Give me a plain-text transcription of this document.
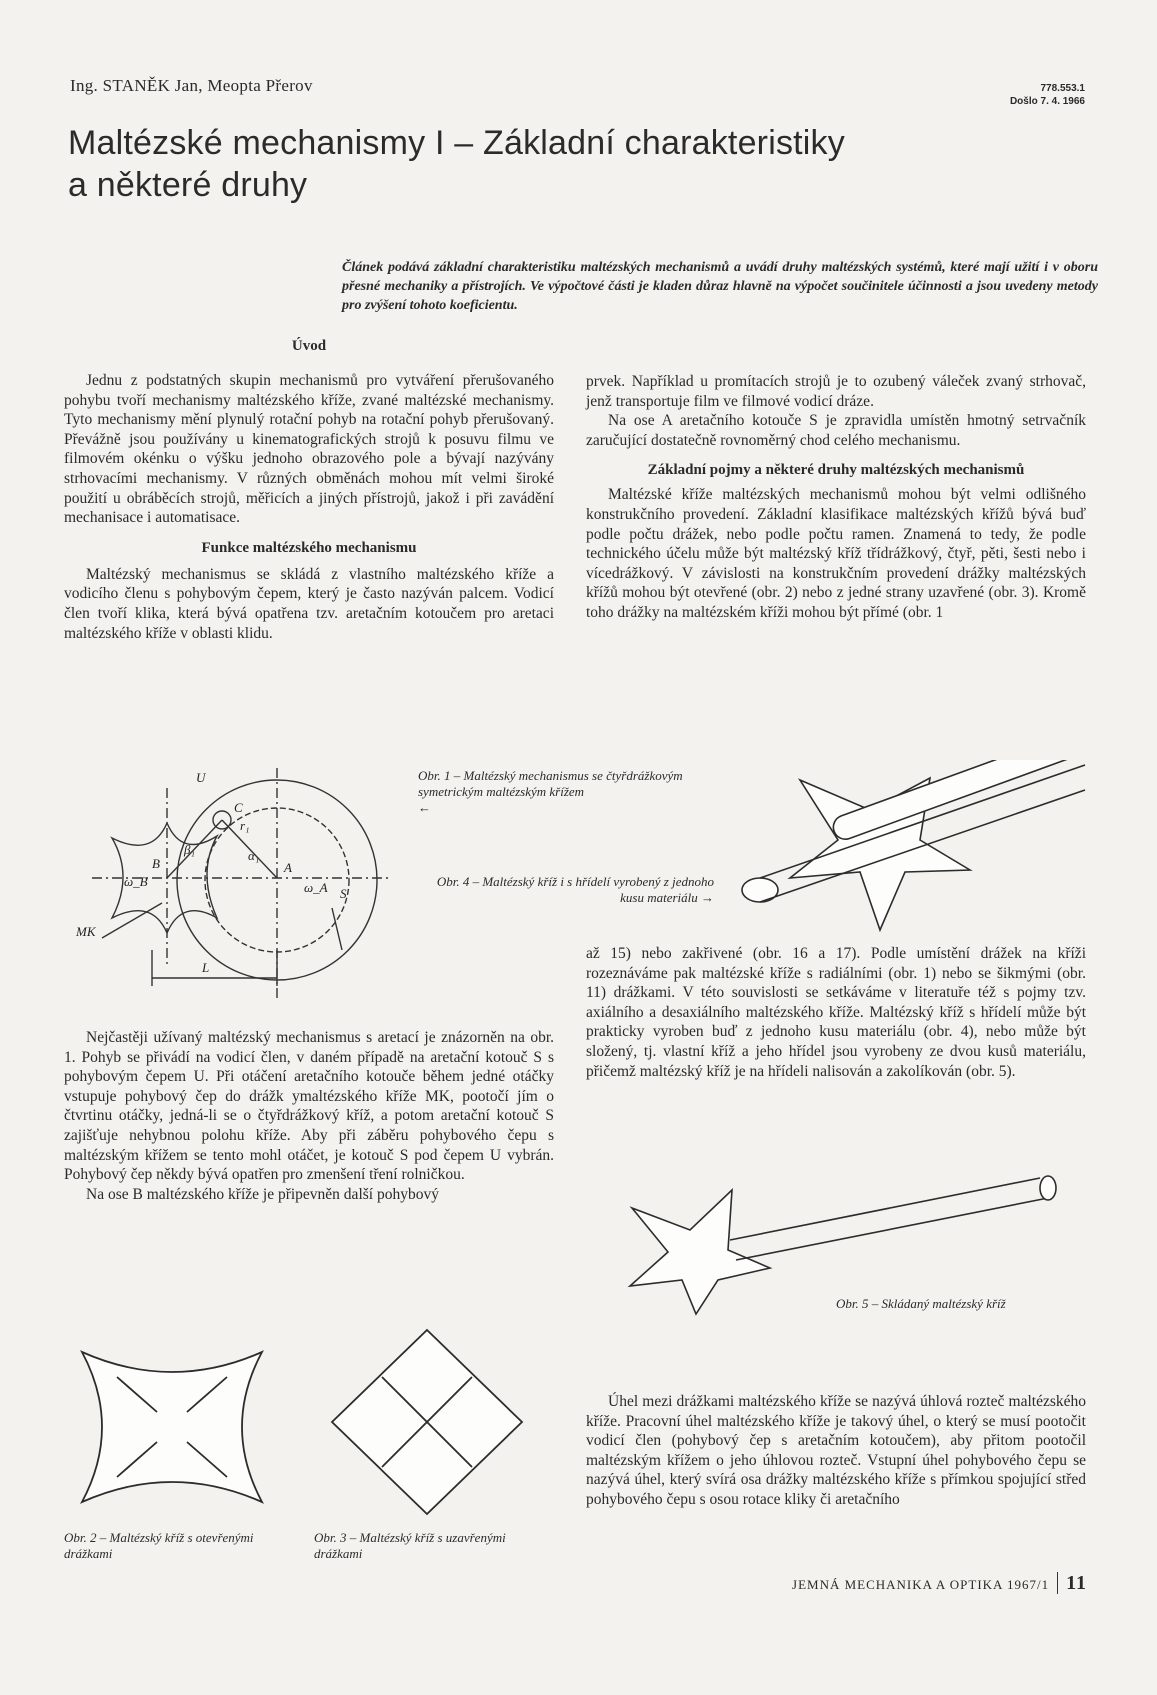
Ing. STANĚK Jan, Meopta Přerov	778.553.1
Došlo 7. 4. 1966
Maltézské mechanismy I – Základní charakteristiky
a některé druhy
Článek podává základní charakteristiku maltézských mechanismů a uvádí druhy maltézských systémů, které mají užití i v oboru přesné mechaniky a přístrojích. Ve výpočtové části je kladen důraz hlavně na výpočet součinitele účinnosti a jsou uvedeny metody pro zvýšení tohoto koeficientu.
Úvod

Jednu z podstatných skupin mechanismů pro vytváření přerušovaného pohybu tvoří mechanismy maltézského kříže, zvané maltézské mechanismy. Tyto mechanismy mění plynulý rotační pohyb na rotační pohyb přerušovaný. Převážně jsou používány u kinematografických strojů k posuvu filmu ve filmovém okénku o výšku jednoho obrazového pole a bývají nazývány strhovacími mechanismy. V různých obměnách mohou mít velmi široké použití u obráběcích strojů, měřicích a jiných přístrojů, jakož i při zavádění mechanisace i automatisace.

Funkce maltézského mechanismu

Maltézský mechanismus se skládá z vlastního maltézského kříže a vodicího členu s pohybovým čepem, který je často nazýván palcem. Vodicí člen tvoří klika, která bývá opatřena tzv. aretačním kotoučem pro aretaci maltézského kříže v oblasti klidu.

prvek. Například u promítacích strojů je to ozubený váleček zvaný strhovač, jenž transportuje film ve filmové vodicí dráze.

Na ose A aretačního kotouče S je zpravidla umístěn hmotný setrvačník zaručující dostatečně rovnoměrný chod celého mechanismu.

Základní pojmy a některé druhy maltézských mechanismů

Maltézské kříže maltézských mechanismů mohou být velmi odlišného konstrukčního provedení. Základní klasifikace maltézských křížů bývá buď podle počtu drážek, nebo podle počtu ramen. Znamená to tedy, že podle technického účelu může být maltézský kříž třídrážkový, čtyř, pěti, šesti nebo i vícedrážkový. V závislosti na konstrukčním provedení drážky maltézských křížů mohou být otevřené (obr. 2) nebo z jedné strany uzavřené (obr. 3). Kromě toho drážky na maltézském kříži mohou být přímé (obr. 1

U
C
B	A
S
MK
L
r₁
ω_A
ω_B
β₁	α₁
Obr. 1 – Maltézský mechanismus se čtyřdrážkovým symetrickým maltézským křížem
←
Obr. 4 – Maltézský kříž i s hřídelí vyrobený z jednoho kusu materiálu →

Nejčastěji užívaný maltézský mechanismus s aretací je znázorněn na obr. 1. Pohyb se přivádí na vodicí člen, v daném případě na aretační kotouč S s pohybovým čepem U. Při otáčení aretačního kotouče během jedné otáčky vstupuje pohybový čep do drážk ymaltézského kříže MK, pootočí jím o čtvrtinu otáčky, jedná-li se o čtyřdrážkový kříž, a potom aretační kotouč S zajišťuje nehybnou polohu kříže. Aby při záběru pohybového čepu s maltézským křížem se tento mohl otáčet, je kotouč S pod čepem U vybrán. Pohybový čep někdy bývá opatřen pro zmenšení tření rolničkou.

Na ose B maltézského kříže je připevněn další pohybový

až 15) nebo zakřivené (obr. 16 a 17). Podle umístění drážek na kříži rozeznáváme pak maltézské kříže s radiálními (obr. 1) nebo se šikmými (obr. 11) drážkami. V této souvislosti se setkáváme v literatuře též s pojmy tzv. axiálního a desaxiálního maltézského kříže. Maltézský kříž s hřídelí může být prakticky vyroben buď z jednoho kusu materiálu (obr. 4), nebo může být složený, tj. vlastní kříž a jeho hřídel jsou vyrobeny ze dvou kusů materiálu, přičemž maltézský kříž je na hřídeli nalisován a zakolíkován (obr. 5).

Obr. 5 – Skládaný maltézský kříž
Obr. 2 – Maltézský kříž s otevřenými drážkami
Obr. 3 – Maltézský kříž s uzavřenými drážkami

Úhel mezi drážkami maltézského kříže se nazývá úhlová rozteč maltézského kříže. Pracovní úhel maltézského kříže je takový úhel, o který se musí pootočit vodicí člen (pohybový čep s aretačním kotoučem), aby přitom pootočil maltézským křížem o jeho úhlovou rozteč. Vstupní úhel pohybového čepu se nazývá úhel, který svírá osa drážky maltézského kříže s přímkou spojující střed pohybového čepu s osou rotace kliky či aretačního

JEMNÁ MECHANIKA A OPTIKA 1967/1 11
